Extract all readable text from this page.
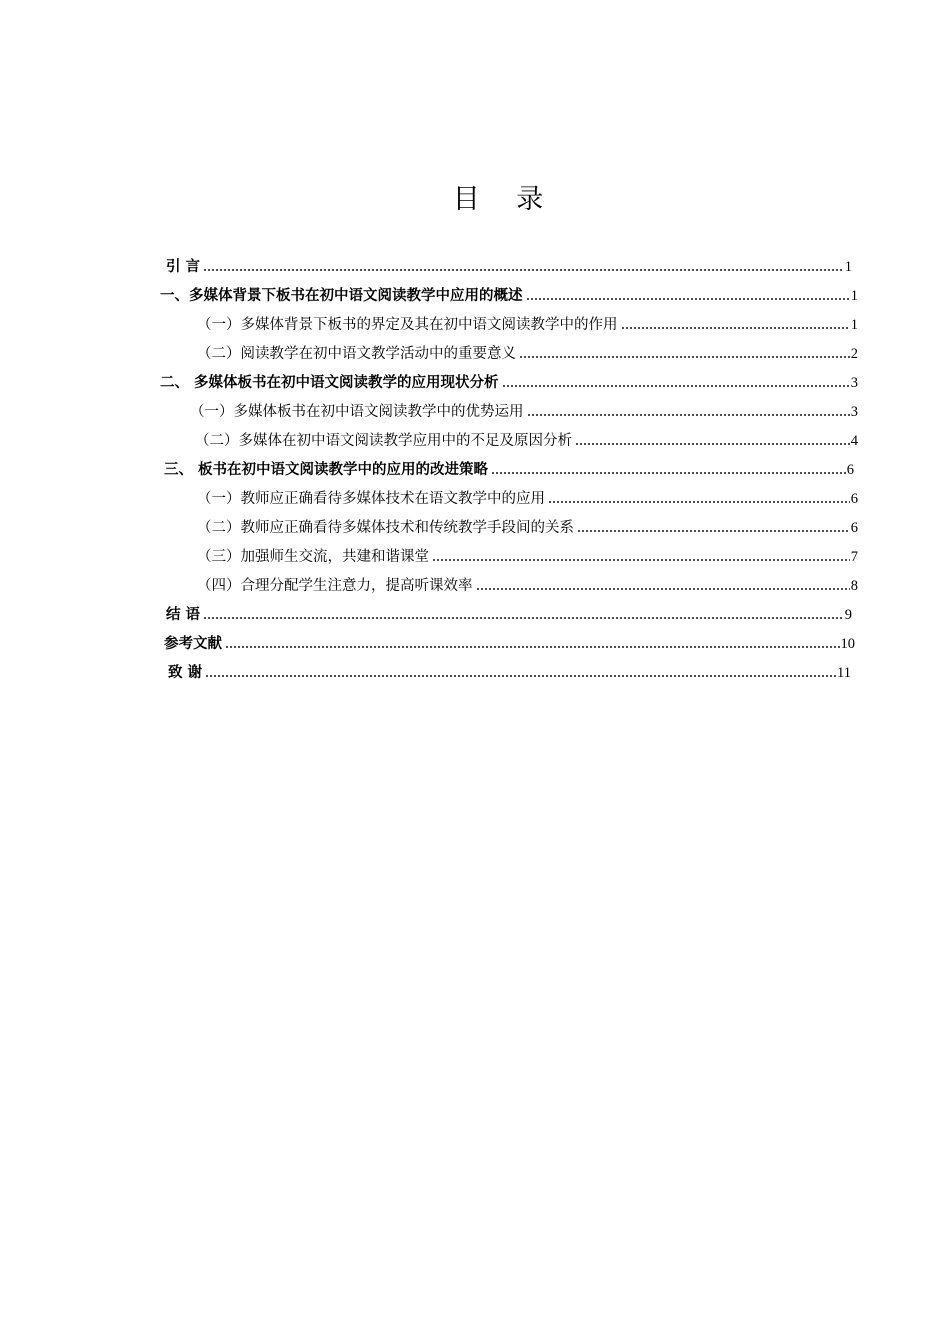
目 录
引 言	1
一、多媒体背景下板书在初中语文阅读教学中应用的概述	1
（一）多媒体背景下板书的界定及其在初中语文阅读教学中的作用	1
（二）阅读教学在初中语文教学活动中的重要意义	2
二、 多媒体板书在初中语文阅读教学的应用现状分析	3
（一）多媒体板书在初中语文阅读教学中的优势运用	3
（二）多媒体在初中语文阅读教学应用中的不足及原因分析	4
三、 板书在初中语文阅读教学中的应用的改进策略	6
（一）教师应正确看待多媒体技术在语文教学中的应用	6
（二）教师应正确看待多媒体技术和传统教学手段间的关系	6
（三）加强师生交流，共建和谐课堂	7
（四）合理分配学生注意力，提高听课效率	8
结 语	9
参考文献	10
致 谢	11
